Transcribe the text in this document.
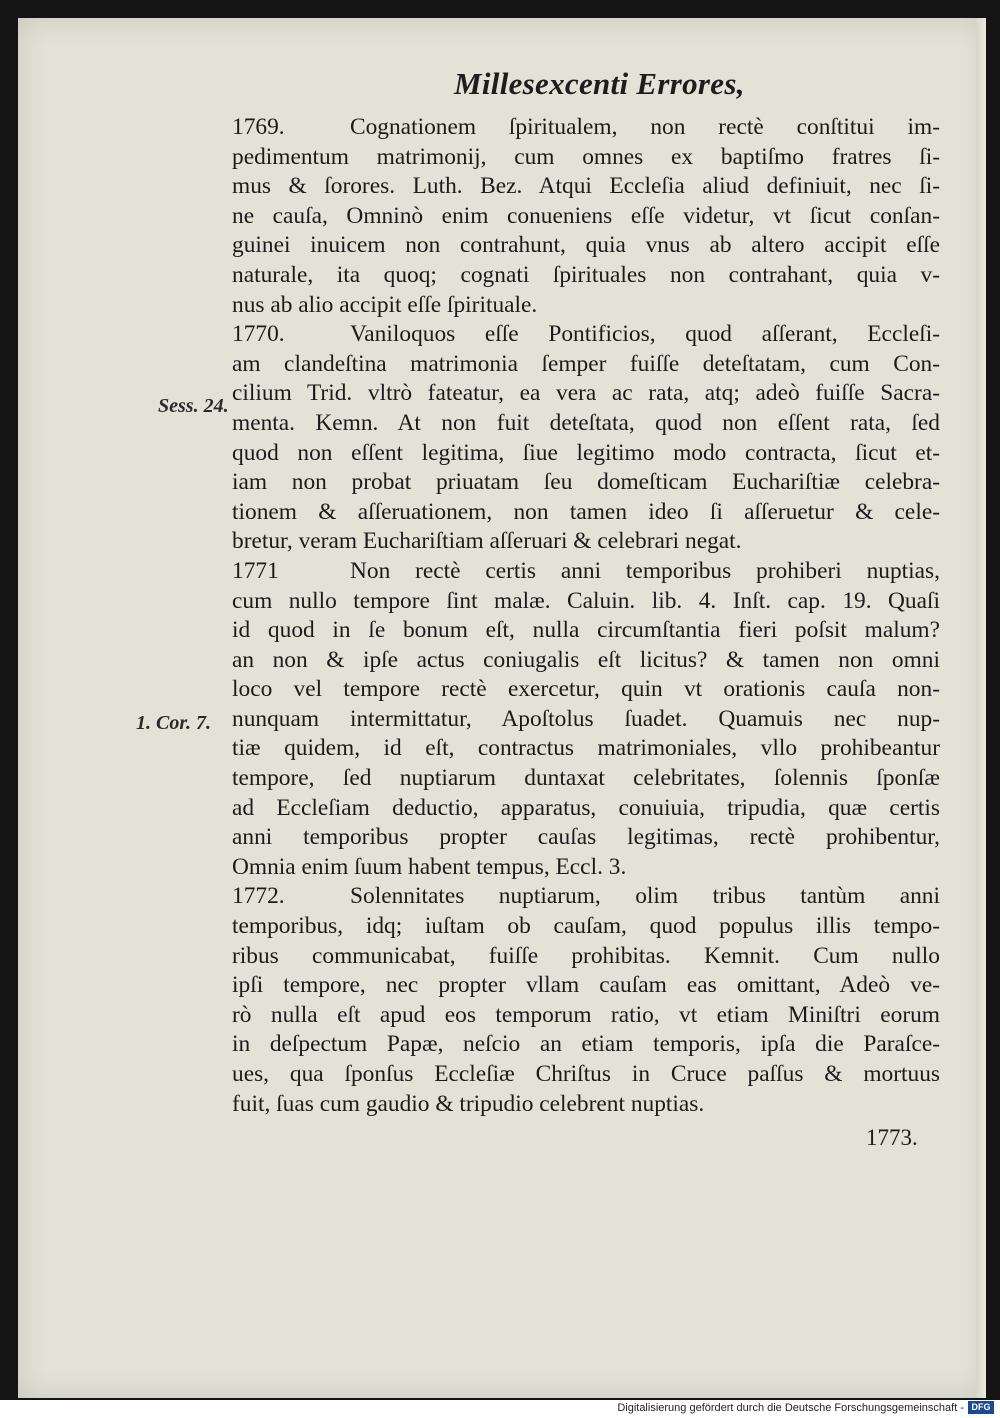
Millesexcenti Errores,
Sess. 24.
1. Cor. 7.
1769.	Cognationem ſpiritualem, non rectè conſtitui im-
pedimentum matrimonij, cum omnes ex baptiſmo fratres ſi-
mus & ſorores. Luth. Bez. Atqui Eccleſia aliud definiuit, nec ſi-
ne cauſa, Omninò enim conueniens eſſe videtur, vt ſicut conſan-
guinei inuicem non contrahunt, quia vnus ab altero accipit eſſe
naturale, ita quoq; cognati ſpirituales non contrahant, quia v-
nus ab alio accipit eſſe ſpirituale.
1770.	Vaniloquos eſſe Pontificios, quod aſſerant, Eccleſi-
am clandeſtina matrimonia ſemper fuiſſe deteſtatam, cum Con-
cilium Trid. vltrò fateatur, ea vera ac rata, atq; adeò fuiſſe Sacra-
menta. Kemn. At non fuit deteſtata, quod non eſſent rata, ſed
quod non eſſent legitima, ſiue legitimo modo contracta, ſicut et-
iam non probat priuatam ſeu domeſticam Euchariſtiæ celebra-
tionem & aſſeruationem, non tamen ideo ſi aſſeruetur & cele-
bretur, veram Euchariſtiam aſſeruari & celebrari negat.
1771	Non rectè certis anni temporibus prohiberi nuptias,
cum nullo tempore ſint malæ. Caluin. lib. 4. Inſt. cap. 19. Quaſi
id quod in ſe bonum eſt, nulla circumſtantia fieri poſsit malum?
an non & ipſe actus coniugalis eſt licitus? & tamen non omni
loco vel tempore rectè exercetur, quin vt orationis cauſa non-
nunquam intermittatur, Apoſtolus ſuadet. Quamuis nec nup-
tiæ quidem, id eſt, contractus matrimoniales, vllo prohibeantur
tempore, ſed nuptiarum duntaxat celebritates, ſolennis ſponſæ
ad Eccleſiam deductio, apparatus, conuiuia, tripudia, quæ certis
anni temporibus propter cauſas legitimas, rectè prohibentur,
Omnia enim ſuum habent tempus, Eccl. 3.
1772.	Solennitates nuptiarum, olim tribus tantùm anni
temporibus, idq; iuſtam ob cauſam, quod populus illis tempo-
ribus communicabat, fuiſſe prohibitas. Kemnit. Cum nullo
ipſi tempore, nec propter vllam cauſam eas omittant, Adeò ve-
rò nulla eſt apud eos temporum ratio, vt etiam Miniſtri eorum
in deſpectum Papæ, neſcio an etiam temporis, ipſa die Paraſce-
ues, qua ſponſus Eccleſiæ Chriſtus in Cruce paſſus & mortuus
fuit, ſuas cum gaudio & tripudio celebrent nuptias.
1773.
Digitalisierung gefördert durch die Deutsche Forschungsgemeinschaft - DFG
